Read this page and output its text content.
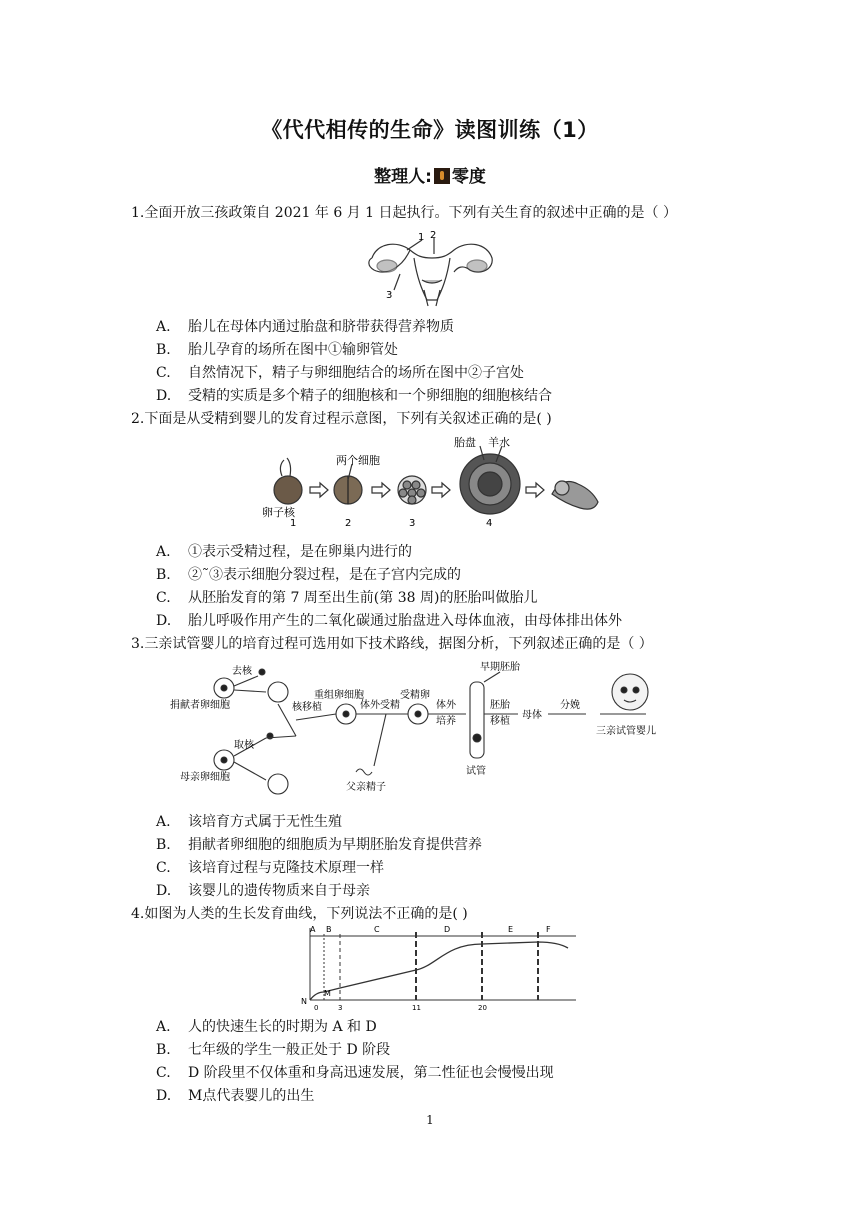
《代代相传的生命》读图训练（1）
整理人: 零度
1.全面开放三孩政策自 2021 年 6 月 1 日起执行。下列有关生育的叙述中正确的是（ ）
1 2
3
A. 胎儿在母体内通过胎盘和脐带获得营养物质
B. 胎儿孕育的场所在图中①输卵管处
C. 自然情况下，精子与卵细胞结合的场所在图中②子宫处
D. 受精的实质是多个精子的细胞核和一个卵细胞的细胞核结合
2.下面是从受精到婴儿的发育过程示意图，下列有关叙述正确的是( )
卵子核
两个细胞
胎盘 羊水
1	2	3	4
A. ①表示受精过程，是在卵巢内进行的
B. ②˜③表示细胞分裂过程，是在子宫内完成的
C. 从胚胎发育的第 7 周至出生前(第 38 周)的胚胎叫做胎儿
D. 胎儿呼吸作用产生的二氧化碳通过胎盘进入母体血液，由母体排出体外
3.三亲试管婴儿的培育过程可选用如下技术路线，据图分析，下列叙述正确的是（ ）
去核
捐献者卵细胞
取核
母亲卵细胞
核移植
重组卵细胞
体外受精
父亲精子
受精卵
体外
培养
早期胚胎
胚胎
移植
试管
母体
分娩
三亲试管婴儿
A. 该培育方式属于无性生殖
B. 捐献者卵细胞的细胞质为早期胚胎发育提供营养
C. 该培育过程与克隆技术原理一样
D. 该婴儿的遗传物质来自于母亲
4.如图为人类的生长发育曲线，下列说法不正确的是( )
A B	C	D	E	F
M
N
0	3	11	20
A. 人的快速生长的时期为 A 和 D
B. 七年级的学生一般正处于 D 阶段
C. D 阶段里不仅体重和身高迅速发展，第二性征也会慢慢出现
D. M点代表婴儿的出生
1
